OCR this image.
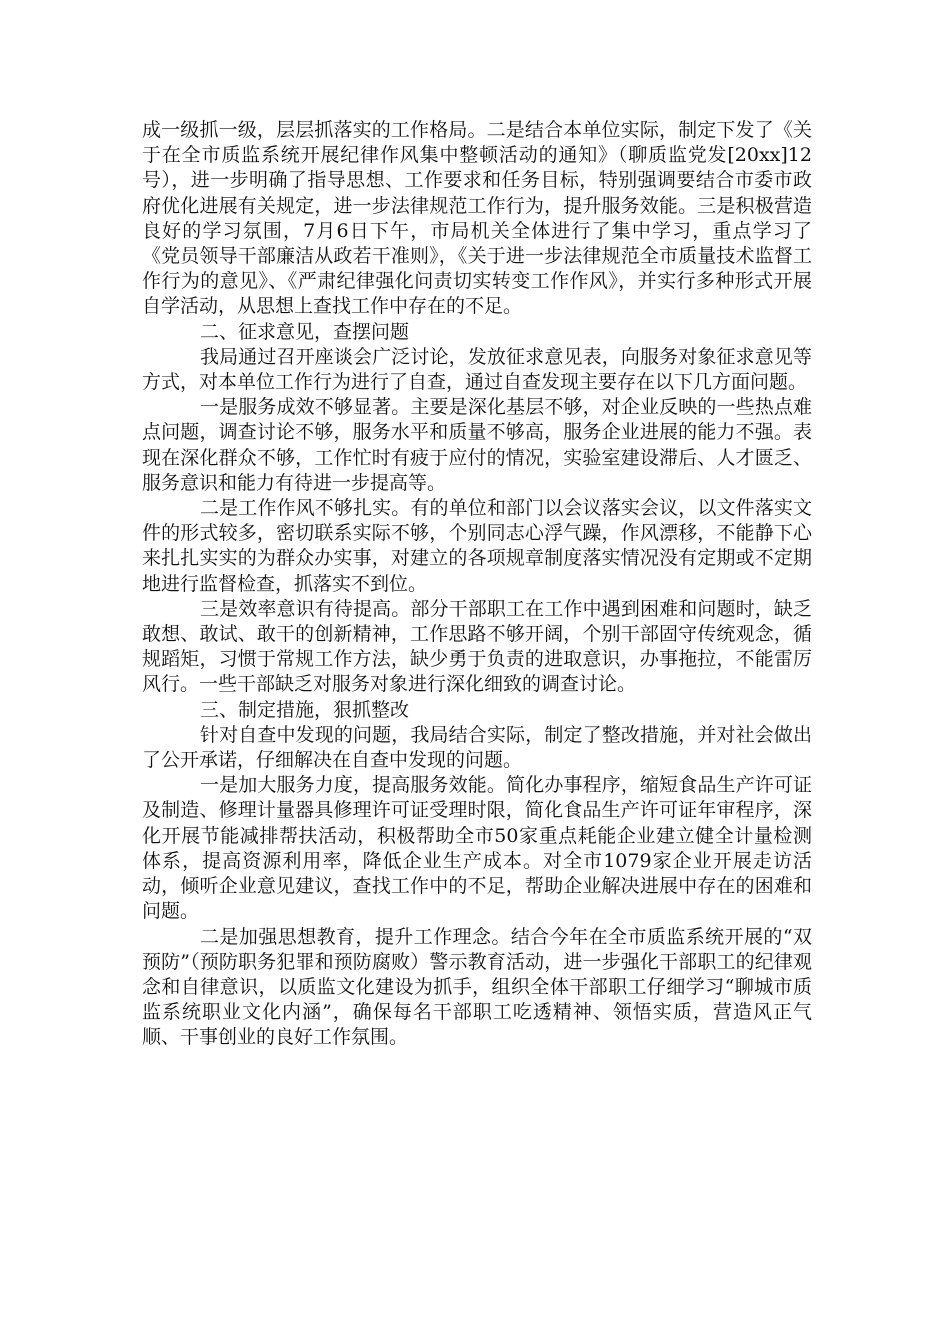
成一级抓一级，层层抓落实的工作格局。二是结合本单位实际，制定下发了《关于在全市质监系统开展纪律作风集中整顿活动的通知》（聊质监党发[20xx]12号），进一步明确了指导思想、工作要求和任务目标，特别强调要结合市委市政府优化进展有关规定，进一步法律规范工作行为，提升服务效能。三是积极营造良好的学习氛围，7月6日下午，市局机关全体进行了集中学习，重点学习了《党员领导干部廉洁从政若干准则》，《关于进一步法律规范全市质量技术监督工作行为的意见》、《严肃纪律强化问责切实转变工作作风》，并实行多种形式开展自学活动，从思想上查找工作中存在的不足。

二、征求意见，查摆问题

我局通过召开座谈会广泛讨论，发放征求意见表，向服务对象征求意见等方式，对本单位工作行为进行了自查，通过自查发现主要存在以下几方面问题。

一是服务成效不够显著。主要是深化基层不够，对企业反映的一些热点难点问题，调查讨论不够，服务水平和质量不够高，服务企业进展的能力不强。表现在深化群众不够，工作忙时有疲于应付的情况，实验室建设滞后、人才匮乏、服务意识和能力有待进一步提高等。

二是工作作风不够扎实。有的单位和部门以会议落实会议，以文件落实文件的形式较多，密切联系实际不够，个别同志心浮气躁，作风漂移，不能静下心来扎扎实实的为群众办实事，对建立的各项规章制度落实情况没有定期或不定期地进行监督检查，抓落实不到位。

三是效率意识有待提高。部分干部职工在工作中遇到困难和问题时，缺乏敢想、敢试、敢干的创新精神，工作思路不够开阔，个别干部固守传统观念，循规蹈矩，习惯于常规工作方法，缺少勇于负责的进取意识，办事拖拉，不能雷厉风行。一些干部缺乏对服务对象进行深化细致的调查讨论。

三、制定措施，狠抓整改

针对自查中发现的问题，我局结合实际，制定了整改措施，并对社会做出了公开承诺，仔细解决在自查中发现的问题。

一是加大服务力度，提高服务效能。简化办事程序，缩短食品生产许可证及制造、修理计量器具修理许可证受理时限，简化食品生产许可证年审程序，深化开展节能减排帮扶活动，积极帮助全市50家重点耗能企业建立健全计量检测体系，提高资源利用率，降低企业生产成本。对全市1079家企业开展走访活动，倾听企业意见建议，查找工作中的不足，帮助企业解决进展中存在的困难和问题。

二是加强思想教育，提升工作理念。结合今年在全市质监系统开展的“双预防”（预防职务犯罪和预防腐败）警示教育活动，进一步强化干部职工的纪律观念和自律意识，以质监文化建设为抓手，组织全体干部职工仔细学习“聊城市质监系统职业文化内涵”，确保每名干部职工吃透精神、领悟实质，营造风正气顺、干事创业的良好工作氛围。
